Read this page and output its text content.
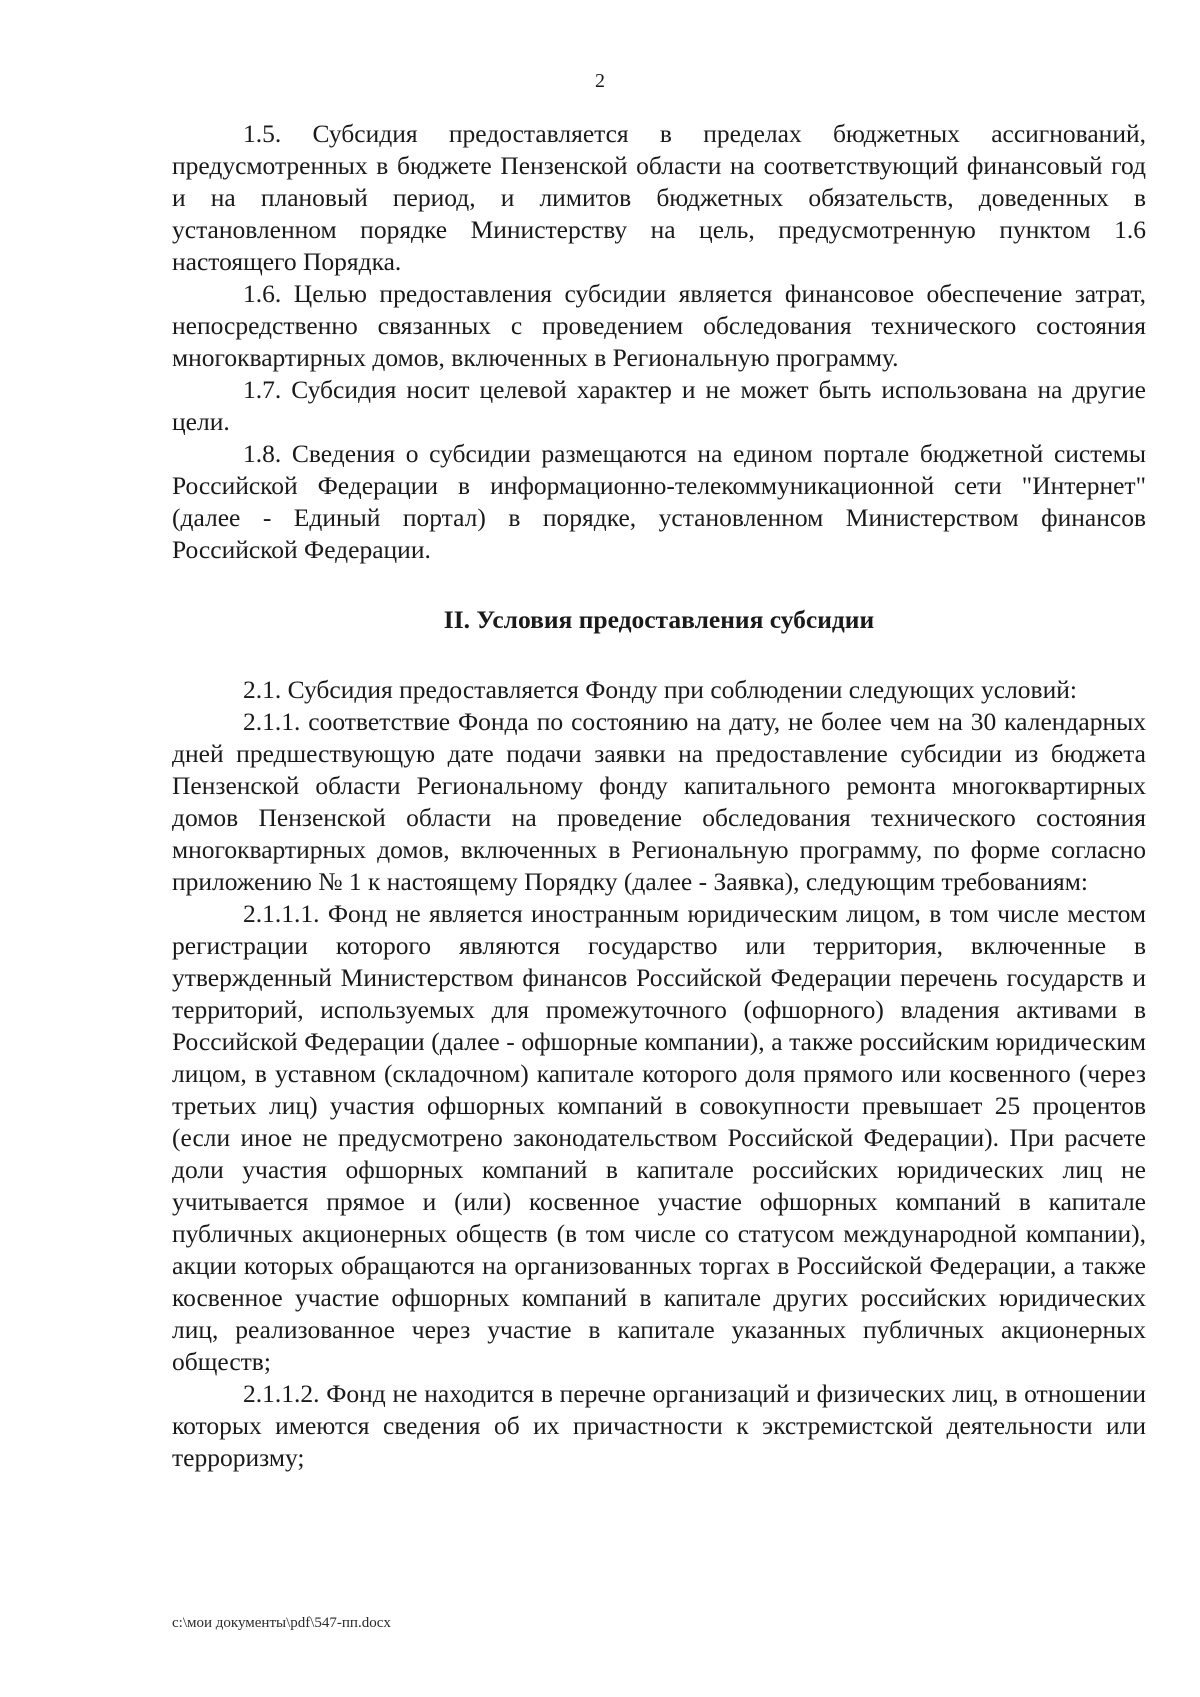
2

1.5. Субсидия предоставляется в пределах бюджетных ассигнований, предусмотренных в бюджете Пензенской области на соответствующий финансовый год и на плановый период, и лимитов бюджетных обязательств, доведенных в установленном порядке Министерству на цель, предусмотренную пунктом 1.6 настоящего Порядка.

1.6. Целью предоставления субсидии является финансовое обеспечение затрат, непосредственно связанных с проведением обследования технического состояния многоквартирных домов, включенных в Региональную программу.

1.7. Субсидия носит целевой характер и не может быть использована на другие цели.

1.8. Сведения о субсидии размещаются на едином портале бюджетной системы Российской Федерации в информационно-телекоммуникационной сети "Интернет" (далее - Единый портал) в порядке, установленном Министерством финансов Российской Федерации.

II. Условия предоставления субсидии

2.1. Субсидия предоставляется Фонду при соблюдении следующих условий:

2.1.1. соответствие Фонда по состоянию на дату, не более чем на 30 календарных дней предшествующую дате подачи заявки на предоставление субсидии из бюджета Пензенской области Региональному фонду капитального ремонта многоквартирных домов Пензенской области на проведение обследования технического состояния многоквартирных домов, включенных в Региональную программу, по форме согласно приложению № 1 к настоящему Порядку (далее - Заявка), следующим требованиям:

2.1.1.1. Фонд не является иностранным юридическим лицом, в том числе местом регистрации которого являются государство или территория, включенные в утвержденный Министерством финансов Российской Федерации перечень государств и территорий, используемых для промежуточного (офшорного) владения активами в Российской Федерации (далее - офшорные компании), а также российским юридическим лицом, в уставном (складочном) капитале которого доля прямого или косвенного (через третьих лиц) участия офшорных компаний в совокупности превышает 25 процентов (если иное не предусмотрено законодательством Российской Федерации). При расчете доли участия офшорных компаний в капитале российских юридических лиц не учитывается прямое и (или) косвенное участие офшорных компаний в капитале публичных акционерных обществ (в том числе со статусом международной компании), акции которых обращаются на организованных торгах в Российской Федерации, а также косвенное участие офшорных компаний в капитале других российских юридических лиц, реализованное через участие в капитале указанных публичных акционерных обществ;

2.1.1.2. Фонд не находится в перечне организаций и физических лиц, в отношении которых имеются сведения об их причастности к экстремистской деятельности или терроризму;

c:\мои документы\pdf\547-пп.docx
